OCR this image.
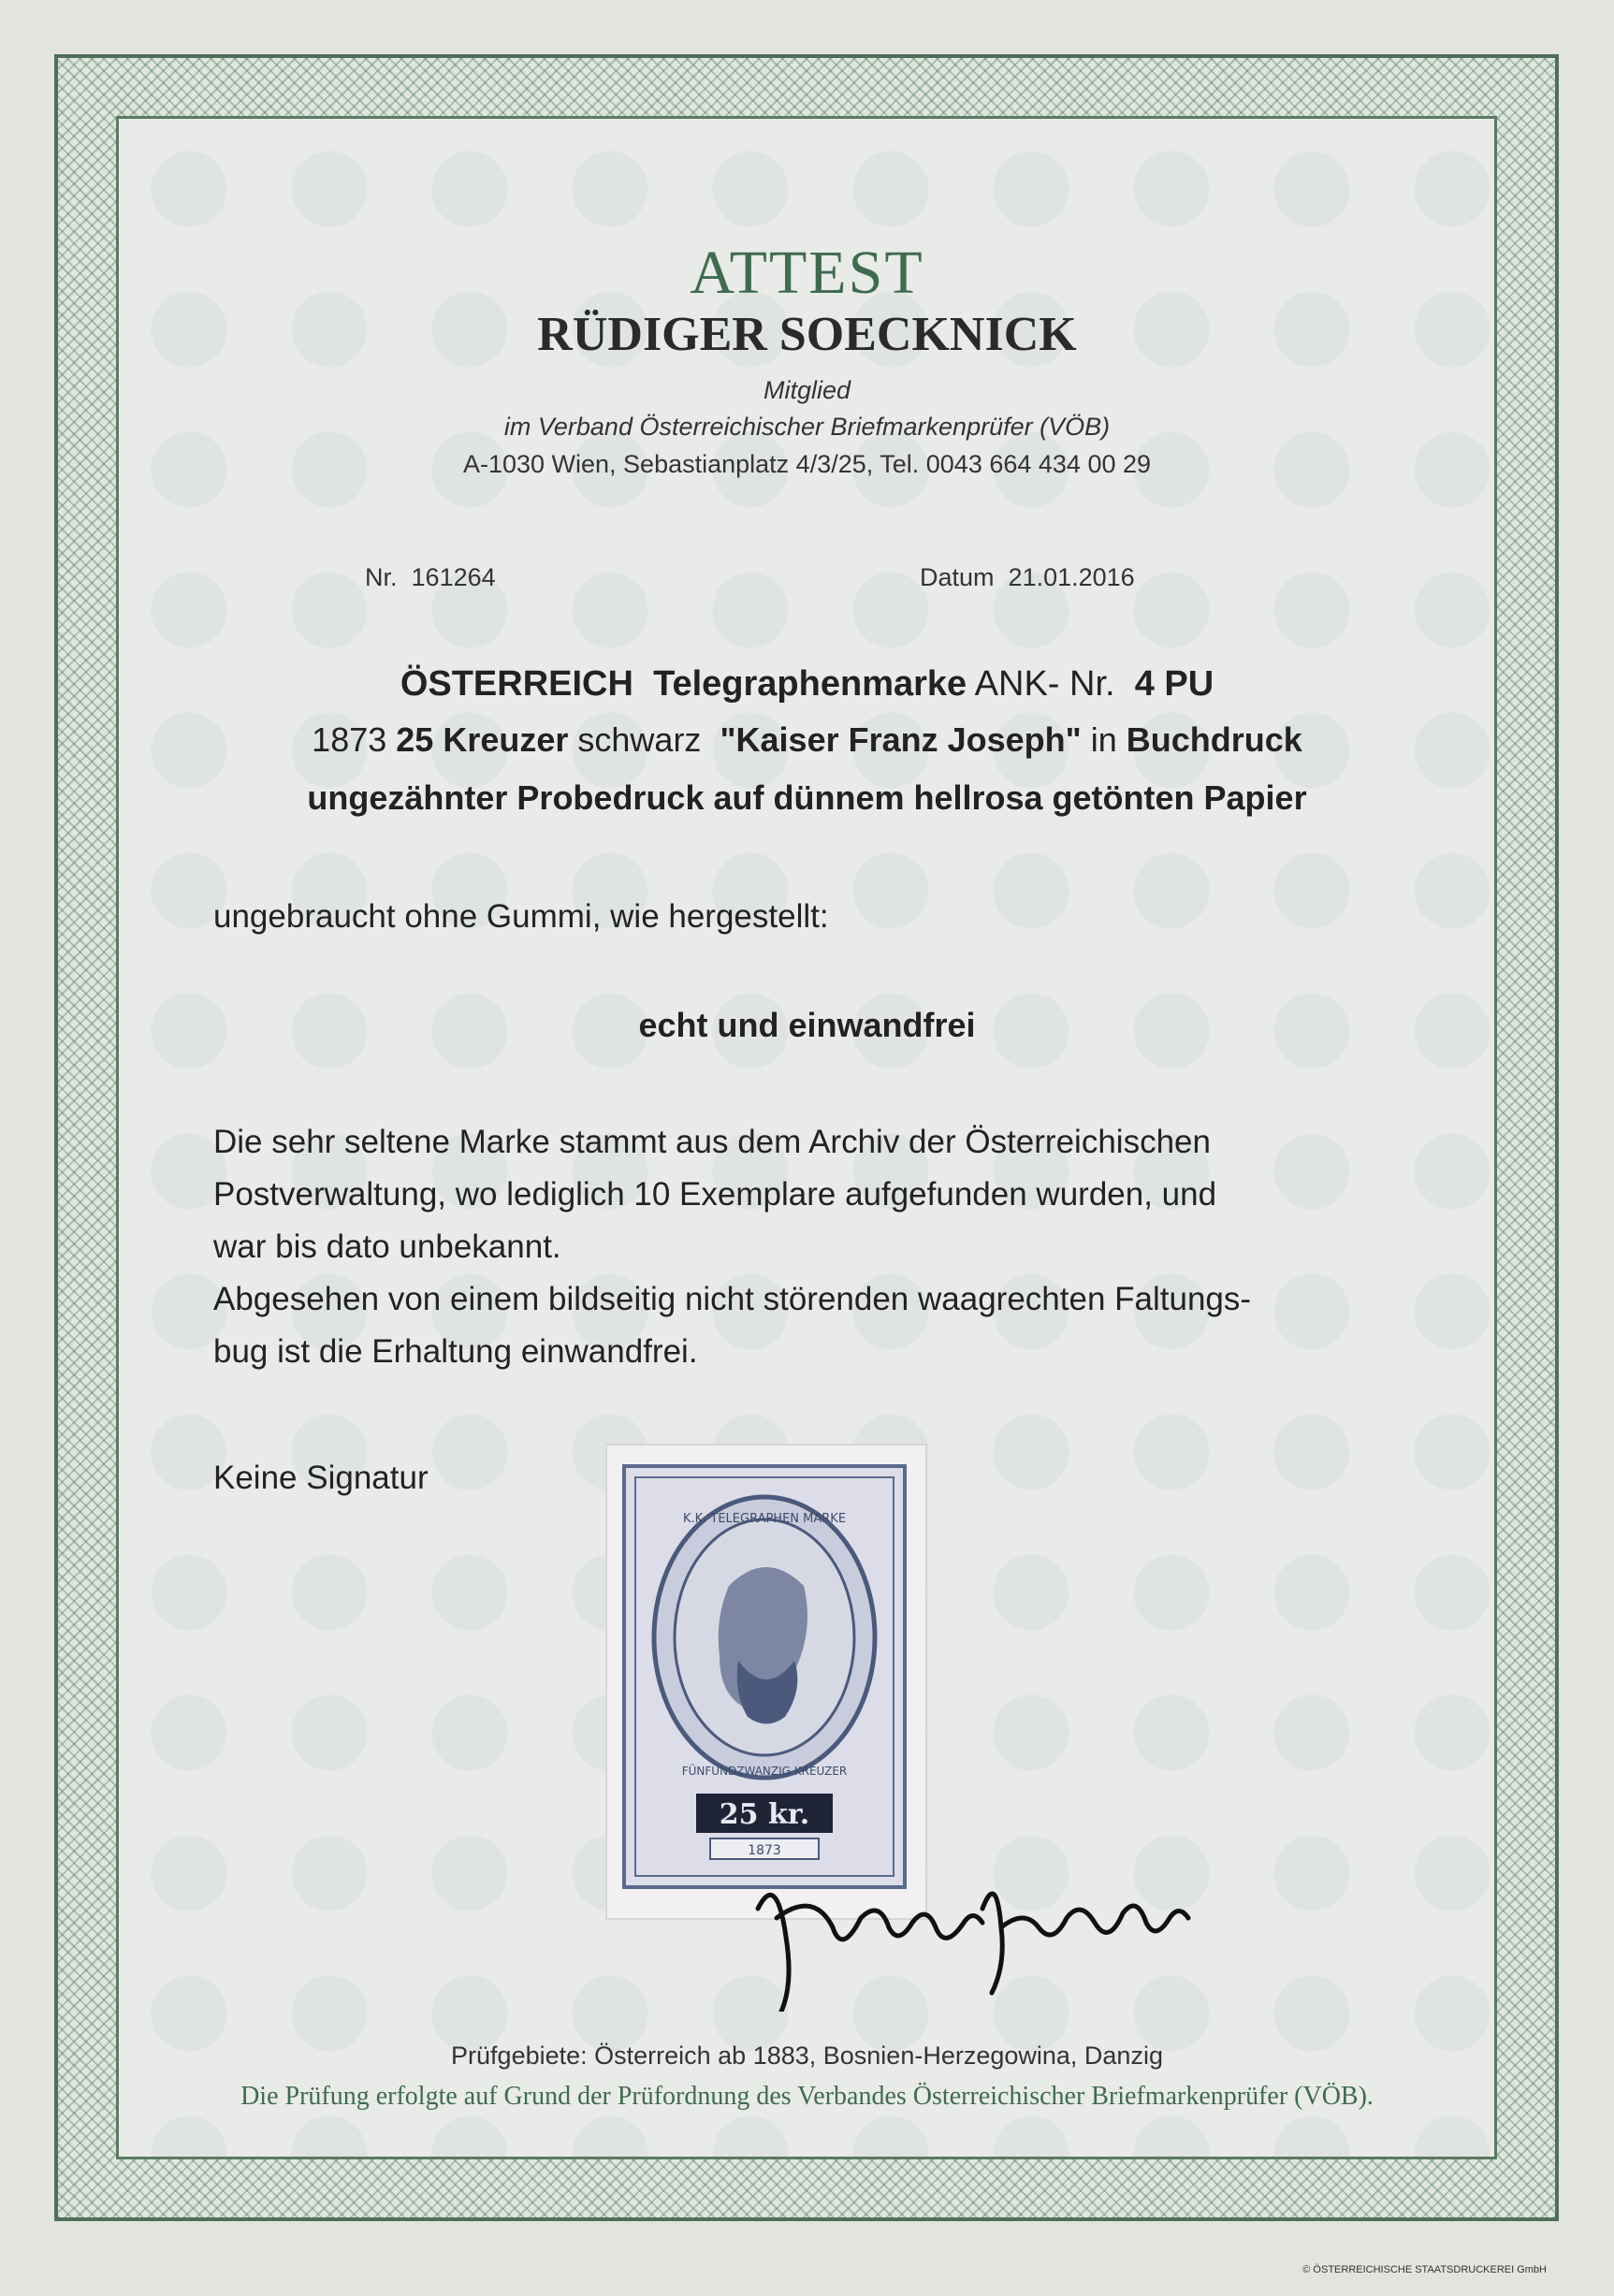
ATTEST
RÜDIGER SOECKNICK
Mitglied
im Verband Österreichischer Briefmarkenprüfer (VÖB)
A-1030 Wien, Sebastianplatz 4/3/25, Tel. 0043 664 434 00 29
Nr. 161264	Datum 21.01.2016
ÖSTERREICH Telegraphenmarke ANK- Nr. 4 PU
1873 25 Kreuzer schwarz "Kaiser Franz Joseph" in Buchdruck
ungezähnter Probedruck auf dünnem hellrosa getönten Papier
ungebraucht ohne Gummi, wie hergestellt:
echt und einwandfrei
Die sehr seltene Marke stammt aus dem Archiv der Österreichischen
Postverwaltung, wo lediglich 10 Exemplare aufgefunden wurden, und
war bis dato unbekannt.
Abgesehen von einem bildseitig nicht störenden waagrechten Faltungs-
bug ist die Erhaltung einwandfrei.
Keine Signatur
K.K. TELEGRAPHEN MARKE
FÜNFUNDZWANZIG KREUZER
25 kr.
1873
Prüfgebiete: Österreich ab 1883, Bosnien-Herzegowina, Danzig
Die Prüfung erfolgte auf Grund der Prüfordnung des Verbandes Österreichischer Briefmarkenprüfer (VÖB).
© ÖSTERREICHISCHE STAATSDRUCKEREI GmbH
